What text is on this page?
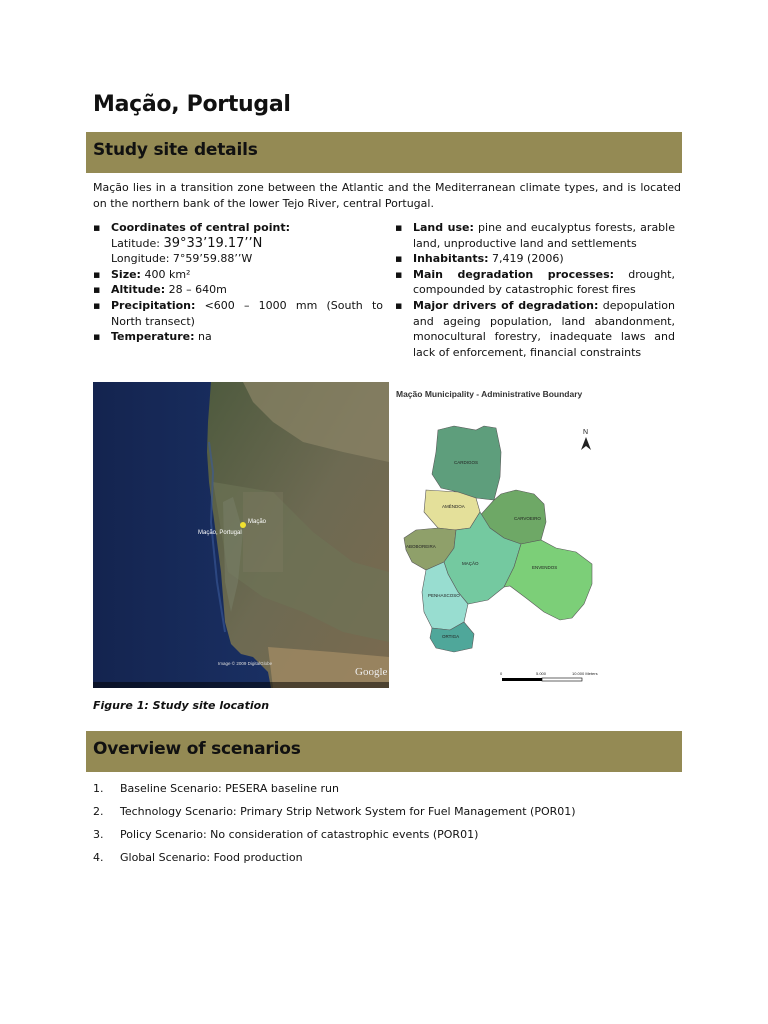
Mação, Portugal
Study site details
Mação lies in a transition zone between the Atlantic and the Mediterranean climate types, and is located on the northern bank of the lower Tejo River, central Portugal.
▪ Coordinates of central point:
Latitude: 39°33’19.17’’N
Longitude: 7°59’59.88’’W
▪ Size: 400 km²
▪ Altitude: 28 – 640m
▪ Precipitation: <600 – 1000 mm (South to North transect)
▪ Temperature: na
▪ Land use: pine and eucalyptus forests, arable land, unproductive land and settlements
▪ Inhabitants: 7,419 (2006)
▪ Main degradation processes: drought, compounded by catastrophic forest fires
▪ Major drivers of degradation: depopulation and ageing population, land abandonment, monocultural forestry, inadequate laws and lack of enforcement, financial constraints
Mação, Portugal
Mação
Image © 2009 DigitalGlobe
Google
Mação Municipality - Administrative Boundary
N
CARDIGOS
AMÊNDOA
CARVOEIRO
ABOBOREIRA
MAÇÃO
ENVENDOS
PENHASCOSO
ORTIGA
0	5.000	10.000 Meters
Figure 1: Study site location
Overview of scenarios
1. Baseline Scenario: PESERA baseline run
2. Technology Scenario: Primary Strip Network System for Fuel Management (POR01)
3. Policy Scenario: No consideration of catastrophic events (POR01)
4. Global Scenario: Food production
